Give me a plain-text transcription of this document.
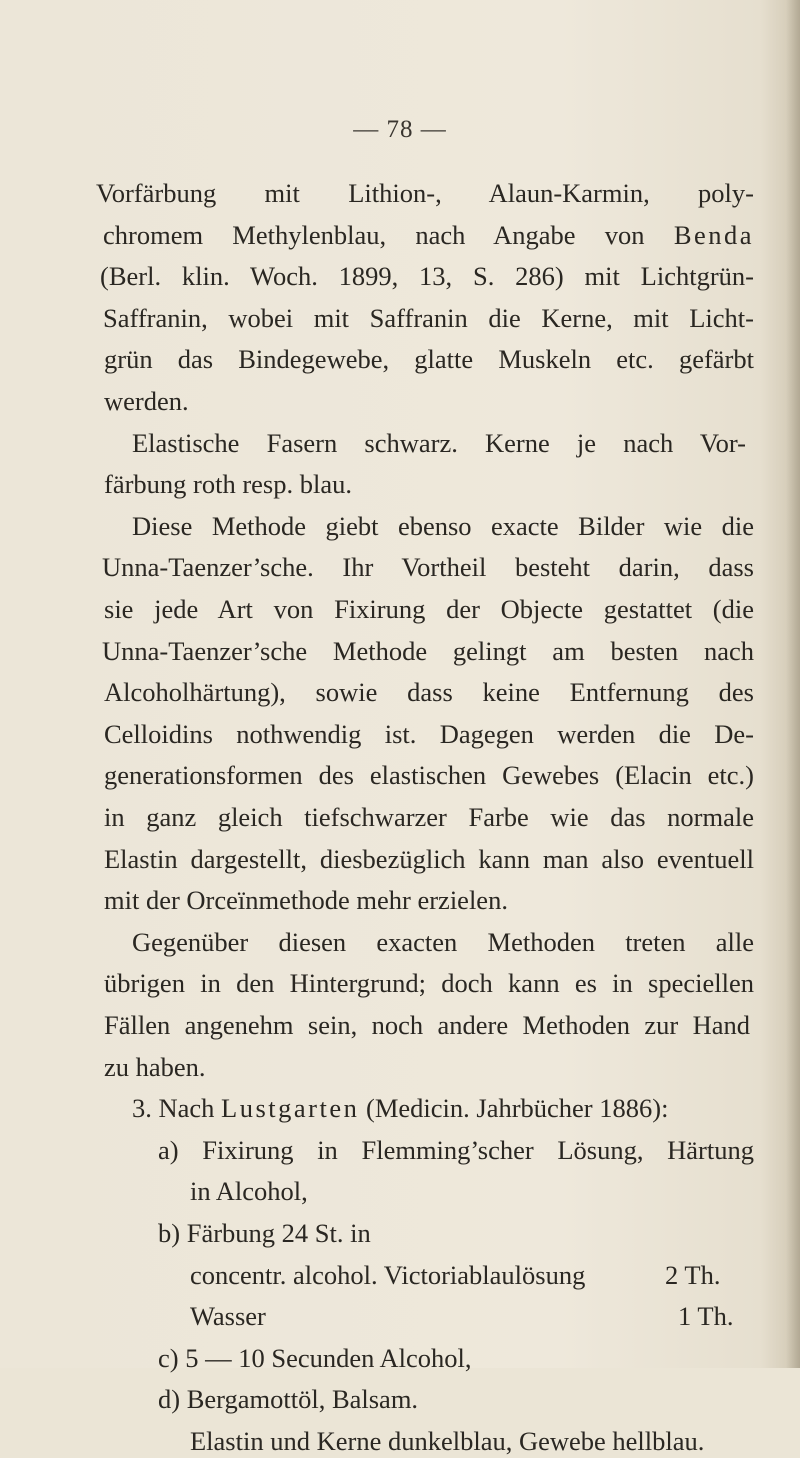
— 78 —
Vorfärbung mit Lithion-, Alaun-Karmin, poly-
chromem Methylenblau, nach Angabe von Benda
(Berl. klin. Woch. 1899, 13, S. 286) mit Lichtgrün-
Saffranin, wobei mit Saffranin die Kerne, mit Licht-
grün das Bindegewebe, glatte Muskeln etc. gefärbt
werden.
Elastische Fasern schwarz. Kerne je nach Vor-
färbung roth resp. blau.
Diese Methode giebt ebenso exacte Bilder wie die
Unna-Taenzer’sche. Ihr Vortheil besteht darin, dass
sie jede Art von Fixirung der Objecte gestattet (die
Unna-Taenzer’sche Methode gelingt am besten nach
Alcoholhärtung), sowie dass keine Entfernung des
Celloidins nothwendig ist. Dagegen werden die De-
generationsformen des elastischen Gewebes (Elacin etc.)
in ganz gleich tiefschwarzer Farbe wie das normale
Elastin dargestellt, diesbezüglich kann man also eventuell
mit der Orceïnmethode mehr erzielen.
Gegenüber diesen exacten Methoden treten alle
übrigen in den Hintergrund; doch kann es in speciellen
Fällen angenehm sein, noch andere Methoden zur Hand
zu haben.
3. Nach Lustgarten (Medicin. Jahrbücher 1886):
a) Fixirung in Flemming’scher Lösung, Härtung
in Alcohol,
b) Färbung 24 St. in
concentr. alcohol. Victoriablaulösung	2 Th.
Wasser	1 Th.
c) 5 — 10 Secunden Alcohol,
d) Bergamottöl, Balsam.
Elastin und Kerne dunkelblau, Gewebe hellblau.
